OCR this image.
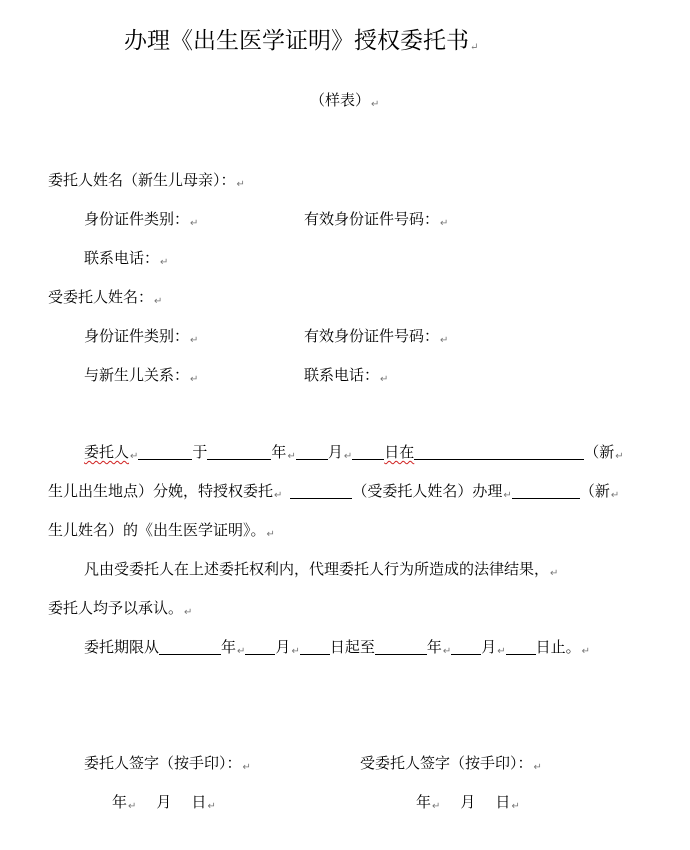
办理《出生医学证明》授权委托书↵
（样表）↵
委托人姓名（新生儿母亲）：↵
身份证件类别：↵	有效身份证件号码：↵
联系电话：↵
受委托人姓名：↵
身份证件类别：↵	有效身份证件号码：↵
与新生儿关系：↵	联系电话：↵
委托人↵	于	年↵ 月↵ 日在	（新↵
生儿出生地点）分娩，特授权委托↵	（受委托人姓名）办理↵	（新↵
生儿姓名）的《出生医学证明》。↵
凡由受委托人在上述委托权利内，代理委托人行为所造成的法律结果，↵
委托人均予以承认。↵
委托期限从	年↵ 月↵ 日起至	年↵ 月↵ 日止。↵
委托人签字（按手印）：↵	受委托人签字（按手印）：↵
年↵ 月 日↵	年↵ 月 日↵
